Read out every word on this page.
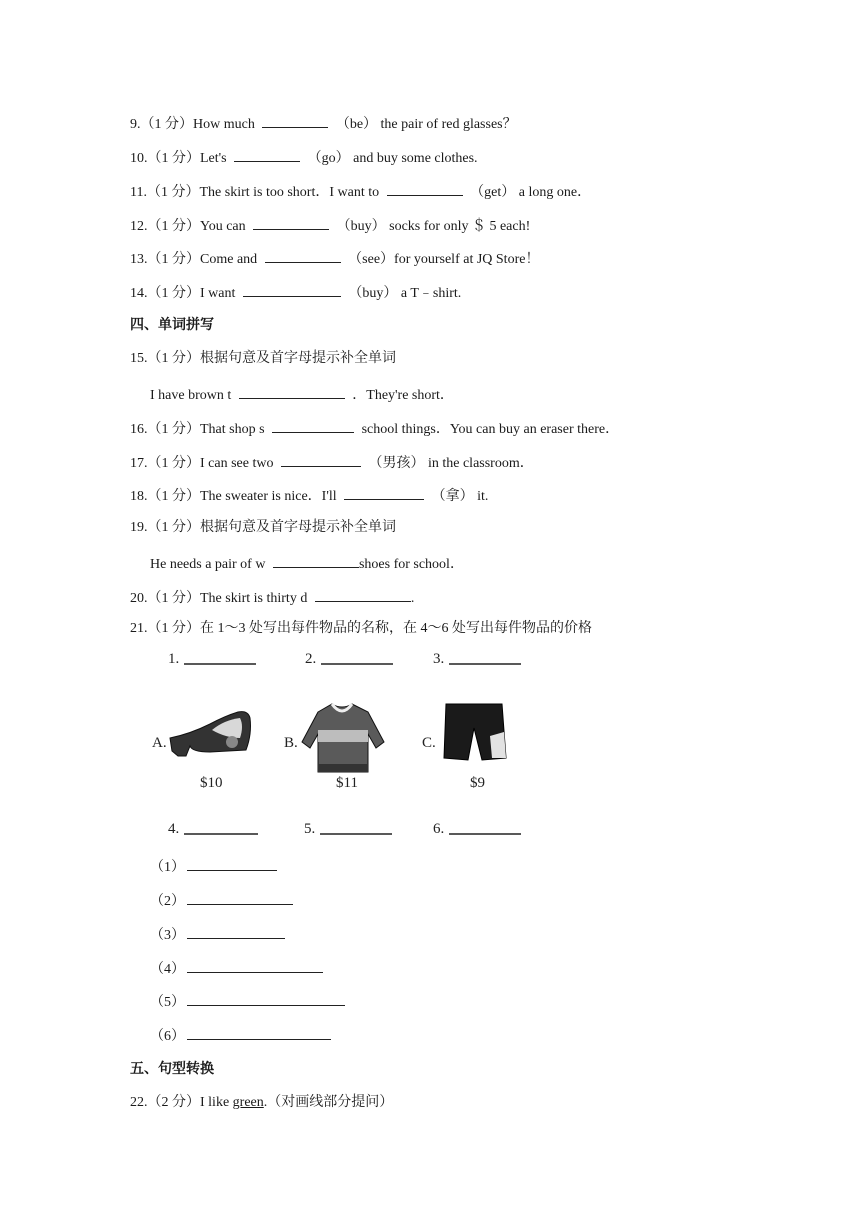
9.（1 分）How much	（be） the pair of red glasses？
10.（1 分）Let's	（go） and buy some clothes.
11.（1 分）The skirt is too short．I want to	（get） a long one．
12.（1 分）You can	（buy） socks for only ＄ 5 each!
13.（1 分）Come and	（see）for yourself at JQ Store！
14.（1 分）I want	（buy） a T﹣shirt.
四、单词拼写
15.（1 分）根据句意及首字母提示补全单词
I have brown t	．They're short．
16.（1 分）That shop s	school things．You can buy an eraser there．
17.（1 分）I can see two	（男孩） in the classroom．
18.（1 分）The sweater is nice．I'll	（拿） it.
19.（1 分）根据句意及首字母提示补全单词
He needs a pair of w	shoes for school．
20.（1 分）The skirt is thirty d	.
21.（1 分）在 1～3 处写出每件物品的名称，在 4～6 处写出每件物品的价格
1.	2.	3.
A.	B.	C.
$10	$11	$9
4.	5.	6.
（1）
（2）
（3）
（4）
（5）
（6）
五、句型转换
22.（2 分）I like green.（对画线部分提问）
